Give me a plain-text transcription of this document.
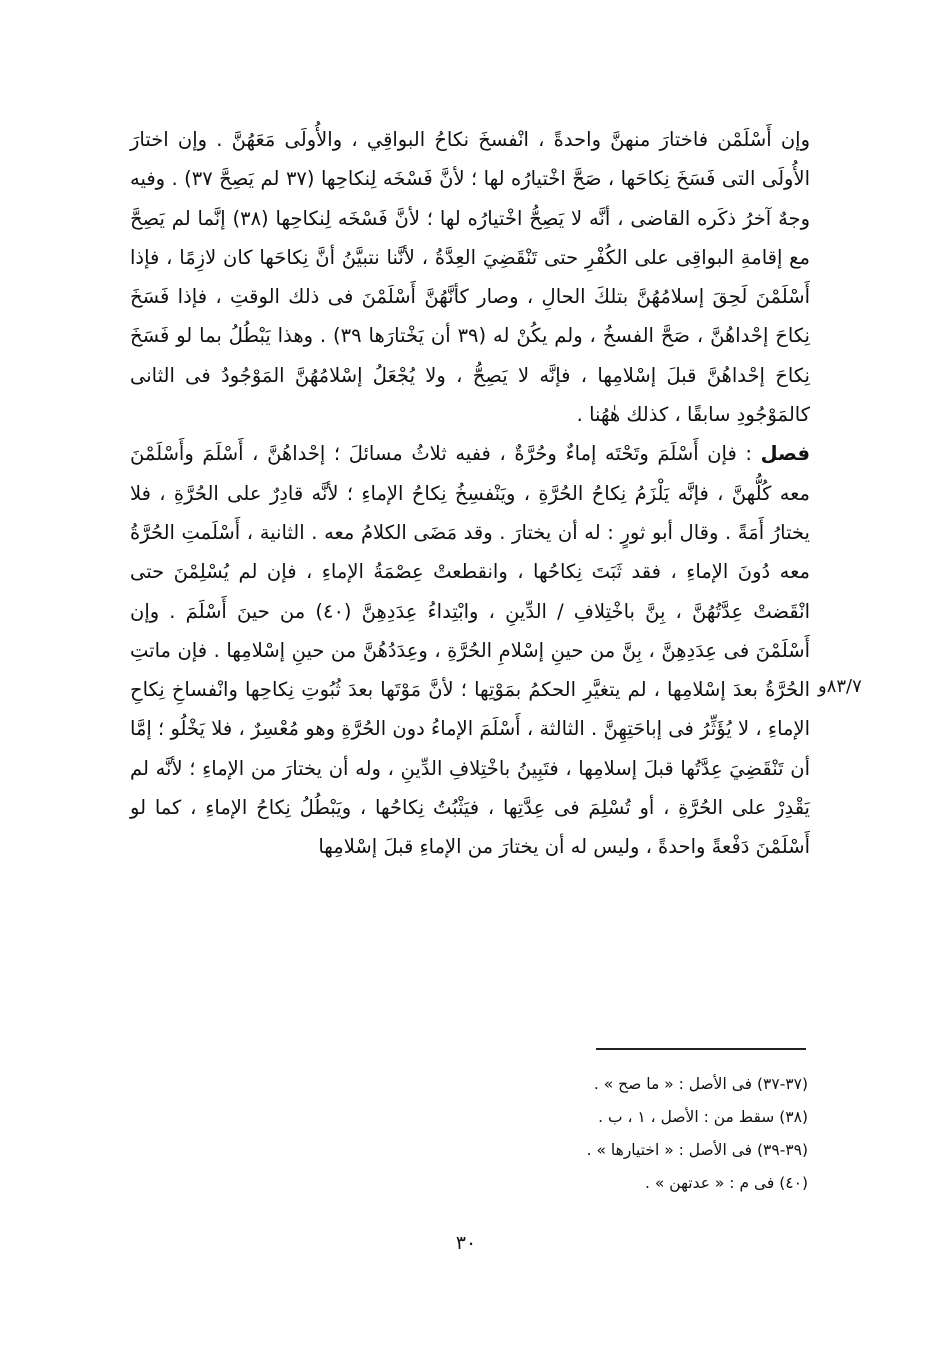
وإن أَسْلَمْن فاختارَ منهنَّ واحدةً ، انْفسخَ نكاحُ البواقِي ، والأُولَى مَعَهُنَّ . وإن اختارَ الأُولَى التى فَسَخَ نِكاحَها ، صَحَّ اخْتيارُه لها ؛ لأنَّ فَسْخَه لِنكاحِها (٣٧ لم يَصِحَّ ٣٧) . وفيه وجهٌ آخرُ ذكَره القاضى ، أنَّه لا يَصِحُّ اخْتيارُه لها ؛ لأنَّ فَسْخَه لِنكاحِها (٣٨) إنَّما لم يَصِحَّ مع إقامةِ البواقِى على الكُفْرِ حتى تَنْقَضِيَ العِدَّةُ ، لأنَّنا نتبيَّنُ أنَّ نِكاحَها كان لازِمًا ، فإذا أَسْلَمْنَ لَحِقَ إسلامُهُنَّ بتلكَ الحالِ ، وصار كأنَّهُنَّ أَسْلَمْنَ فى ذلك الوقتِ ، فإذا فَسَخَ نِكاحَ إحْداهُنَّ ، صَحَّ الفسخُ ، ولم يكُنْ له (٣٩ أن يَخْتارَها ٣٩) . وهذا يَبْطُلُ بما لو فَسَخَ نِكاحَ إحْداهُنَّ قبلَ إسْلامِها ، فإنَّه لا يَصِحُّ ، ولا يُجْعَلُ إسْلامُهُنَّ المَوْجُودُ فى الثانى كالمَوْجُودِ سابقًا ، كذلك هٰهُنا .

فصل : فإن أَسْلَمَ وتَحْتَه إماءٌ وحُرَّةٌ ، ففيه ثلاثُ مسائلَ ؛ إحْداهُنَّ ، أَسْلَمَ وأَسْلَمْنَ معه كُلُّهنَّ ، فإنَّه يَلْزَمُ نِكاحُ الحُرَّةِ ، ويَنْفسِخُ نِكاحُ الإماءِ ؛ لأنَّه قادِرٌ على الحُرَّةِ ، فلا يختارُ أَمَةً . وقال أبو ثورٍ : له أن يختارَ . وقد مَضَى الكلامُ معه . الثانية ، أَسْلَمتِ الحُرَّةُ معه دُونَ الإماءِ ، فقد ثَبَتَ نِكاحُها ، وانقطعتْ عِصْمَةُ الإماءِ ، فإن لم يُسْلِمْنَ حتى انْقَضتْ عِدَّتُهُنَّ ، بِنَّ باخْتِلافِ / الدِّينِ ، وابْتِداءُ عِدَدِهِنَّ (٤٠) من حينَ أَسْلَمَ . وإن أَسْلَمْنَ فى عِدَدِهِنَّ ، بِنَّ من حينِ إسْلامِ الحُرَّةِ ، وعِدَدُهُنَّ من حينِ إسْلامِها . فإن ماتتِ الحُرَّةُ بعدَ إسْلامِها ، لم يتغيَّرِ الحكمُ بمَوْتِها ؛ لأنَّ مَوْتَها بعدَ ثُبُوتِ نِكاحِها وانْفساخِ نِكاحِ الإماءِ ، لا يُؤَثِّرُ فى إباحَتِهِنَّ . الثالثة ، أَسْلَمَ الإماءُ دون الحُرَّةِ وهو مُعْسِرٌ ، فلا يَخْلُو ؛ إمَّا أن تَنْقَضِيَ عِدَّتُها قبلَ إسلامِها ، فتَبِينُ باخْتِلافِ الدِّينِ ، وله أن يختارَ من الإماءِ ؛ لأنَّه لم يَقْدِرْ على الحُرَّةِ ، أو تُسْلِمَ فى عِدَّتِها ، فيَثْبُتُ نِكاحُها ، ويَبْطُلُ نِكاحُ الإماءِ ، كما لو أَسْلَمْنَ دَفْعةً واحدةً ، وليس له أن يختارَ من الإماءِ قبلَ إسْلامِها

٨٣/٧و

(٣٧-٣٧) فى الأصل : « ما صح » .

(٣٨) سقط من : الأصل ، ١ ، ب .

(٣٩-٣٩) فى الأصل : « اختيارها » .

(٤٠) فى م : « عدتهن » .

٣٠
